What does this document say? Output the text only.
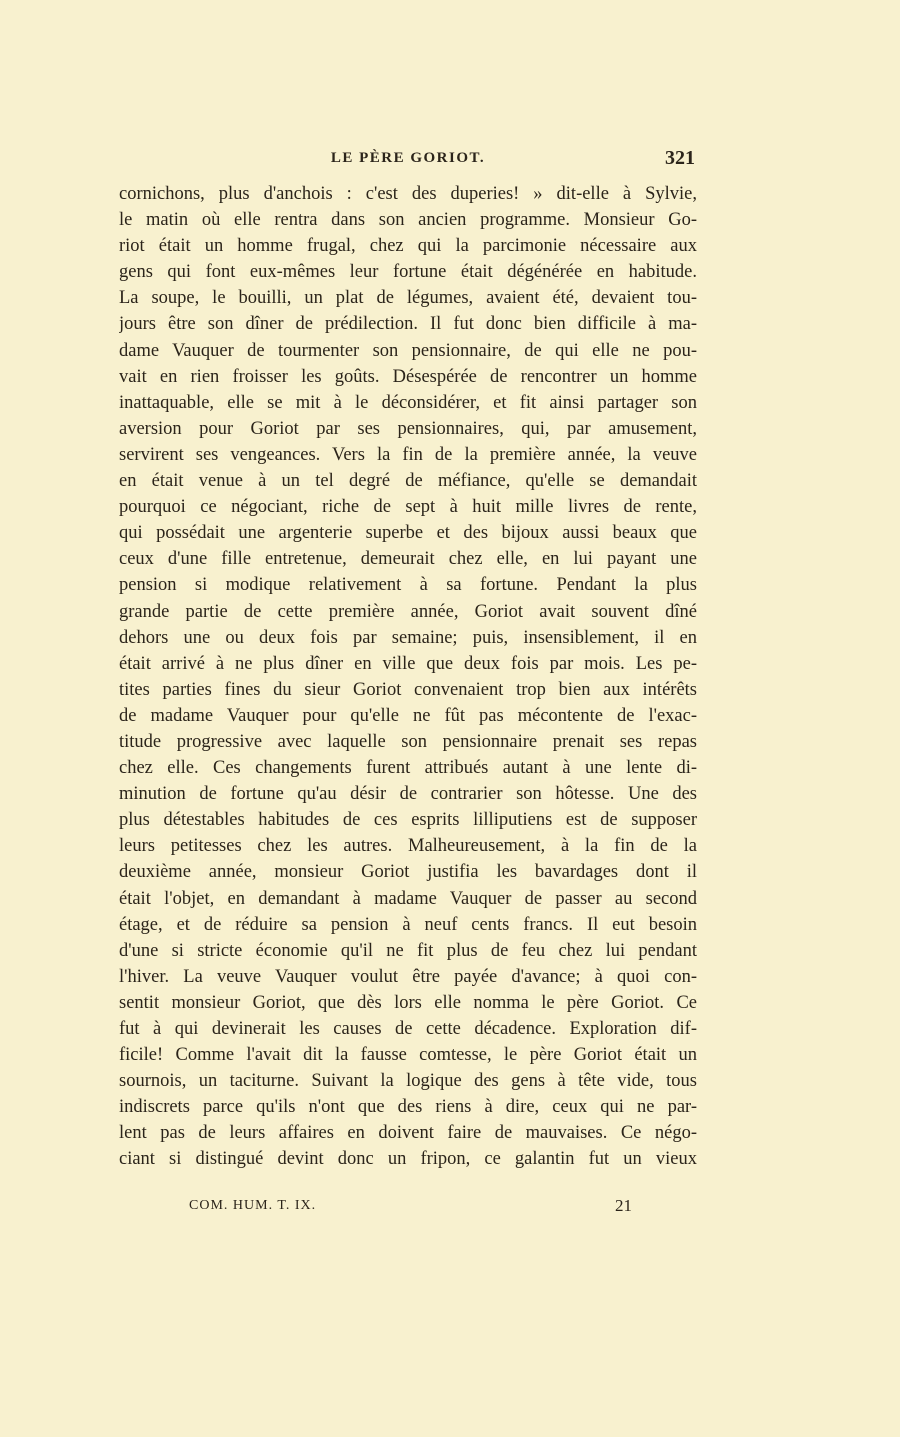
LE PÈRE GORIOT.	321
cornichons, plus d'anchois : c'est des duperies! » dit-elle à Sylvie,
le matin où elle rentra dans son ancien programme. Monsieur Go-
riot était un homme frugal, chez qui la parcimonie nécessaire aux
gens qui font eux-mêmes leur fortune était dégénérée en habitude.
La soupe, le bouilli, un plat de légumes, avaient été, devaient tou-
jours être son dîner de prédilection. Il fut donc bien difficile à ma-
dame Vauquer de tourmenter son pensionnaire, de qui elle ne pou-
vait en rien froisser les goûts. Désespérée de rencontrer un homme
inattaquable, elle se mit à le déconsidérer, et fit ainsi partager son
aversion pour Goriot par ses pensionnaires, qui, par amusement,
servirent ses vengeances. Vers la fin de la première année, la veuve
en était venue à un tel degré de méfiance, qu'elle se demandait
pourquoi ce négociant, riche de sept à huit mille livres de rente,
qui possédait une argenterie superbe et des bijoux aussi beaux que
ceux d'une fille entretenue, demeurait chez elle, en lui payant une
pension si modique relativement à sa fortune. Pendant la plus
grande partie de cette première année, Goriot avait souvent dîné
dehors une ou deux fois par semaine; puis, insensiblement, il en
était arrivé à ne plus dîner en ville que deux fois par mois. Les pe-
tites parties fines du sieur Goriot convenaient trop bien aux intérêts
de madame Vauquer pour qu'elle ne fût pas mécontente de l'exac-
titude progressive avec laquelle son pensionnaire prenait ses repas
chez elle. Ces changements furent attribués autant à une lente di-
minution de fortune qu'au désir de contrarier son hôtesse. Une des
plus détestables habitudes de ces esprits lilliputiens est de supposer
leurs petitesses chez les autres. Malheureusement, à la fin de la
deuxième année, monsieur Goriot justifia les bavardages dont il
était l'objet, en demandant à madame Vauquer de passer au second
étage, et de réduire sa pension à neuf cents francs. Il eut besoin
d'une si stricte économie qu'il ne fit plus de feu chez lui pendant
l'hiver. La veuve Vauquer voulut être payée d'avance; à quoi con-
sentit monsieur Goriot, que dès lors elle nomma le père Goriot. Ce
fut à qui devinerait les causes de cette décadence. Exploration dif-
ficile! Comme l'avait dit la fausse comtesse, le père Goriot était un
sournois, un taciturne. Suivant la logique des gens à tête vide, tous
indiscrets parce qu'ils n'ont que des riens à dire, ceux qui ne par-
lent pas de leurs affaires en doivent faire de mauvaises. Ce négo-
ciant si distingué devint donc un fripon, ce galantin fut un vieux
COM. HUM. T. IX.	21
